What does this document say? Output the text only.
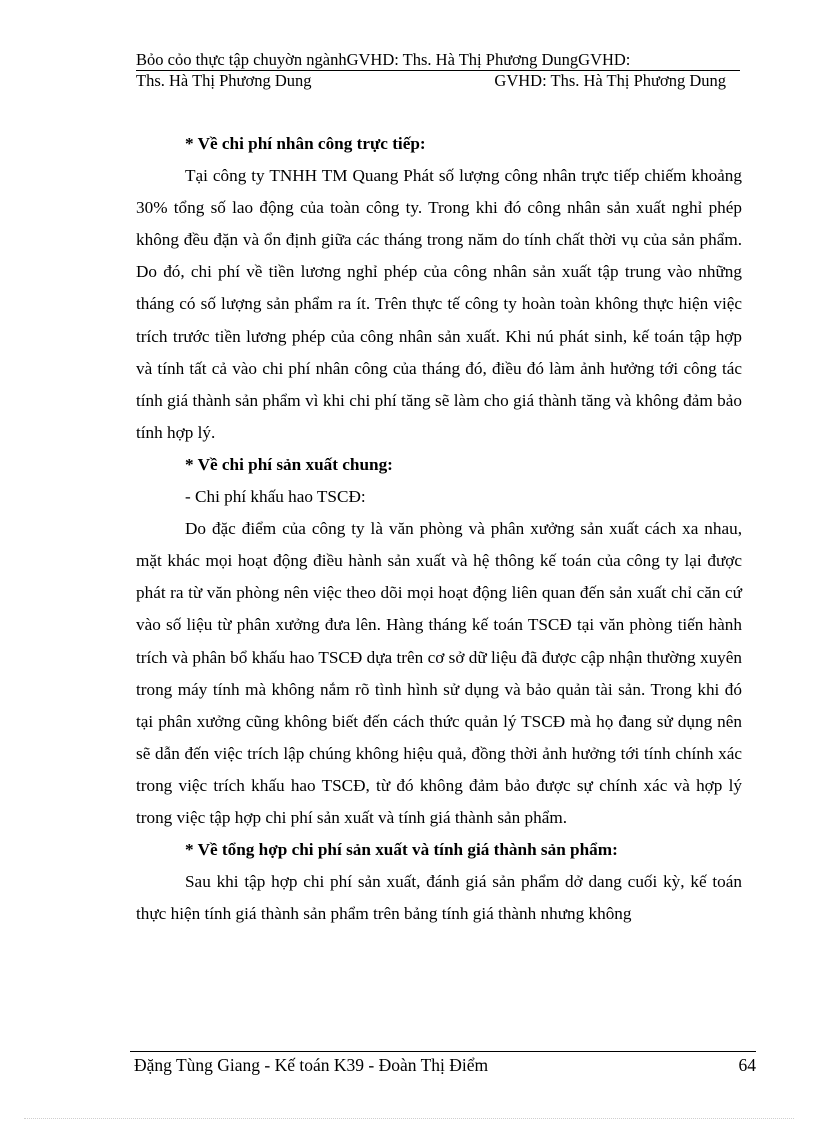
Bỏo cỏo thực tập chuyờn ngànhGVHD: Ths. Hà Thị Phương DungGVHD:
Ths. Hà Thị Phương Dung	GVHD: Ths. Hà Thị Phương Dung

* Về chi phí nhân công trực tiếp:

Tại công ty TNHH TM Quang Phát số lượng công nhân trực tiếp chiếm khoảng 30% tổng số lao động của toàn công ty. Trong khi đó công nhân sản xuất nghỉ phép không đều đặn và ổn định giữa các tháng trong năm do tính chất thời vụ của sản phẩm. Do đó, chi phí về tiền lương nghỉ phép của công nhân sản xuất tập trung vào những tháng có số lượng sản phẩm ra ít. Trên thực tế công ty hoàn toàn không thực hiện việc trích trước tiền lương phép của công nhân sản xuất. Khi nú phát sinh, kế toán tập hợp và tính tất cả vào chi phí nhân công của tháng đó, điều đó làm ảnh hưởng tới công tác tính giá thành sản phẩm vì khi chi phí tăng sẽ làm cho giá thành tăng và không đảm bảo tính hợp lý.

* Về chi phí sản xuất chung:

- Chi phí khấu hao TSCĐ:

Do đặc điểm của công ty là văn phòng và phân xưởng sản xuất cách xa nhau, mặt khác mọi hoạt động điều hành sản xuất và hệ thông kế toán của công ty lại được phát ra từ văn phòng nên việc theo dõi mọi hoạt động liên quan đến sản xuất chỉ căn cứ vào số liệu từ phân xưởng đưa lên. Hàng tháng kế toán TSCĐ tại văn phòng tiến hành trích và phân bổ khấu hao TSCĐ dựa trên cơ sở dữ liệu đã được cập nhận thường xuyên trong máy tính mà không nắm rõ tình hình sử dụng và bảo quản tài sản. Trong khi đó tại phân xưởng cũng không biết đến cách thức quản lý TSCĐ mà họ đang sử dụng nên sẽ dẫn đến việc trích lập chúng không hiệu quả, đồng thời ảnh hưởng tới tính chính xác trong việc trích khấu hao TSCĐ, từ đó không đảm bảo được sự chính xác và hợp lý trong việc tập hợp chi phí sản xuất và tính giá thành sản phẩm.

* Về tổng hợp chi phí sản xuất và tính giá thành sản phẩm:

Sau khi tập hợp chi phí sản xuất, đánh giá sản phẩm dở dang cuối kỳ, kế toán thực hiện tính giá thành sản phẩm trên bảng tính giá thành nhưng không

Đặng Tùng Giang - Kế toán K39 - Đoàn Thị Điểm	64
